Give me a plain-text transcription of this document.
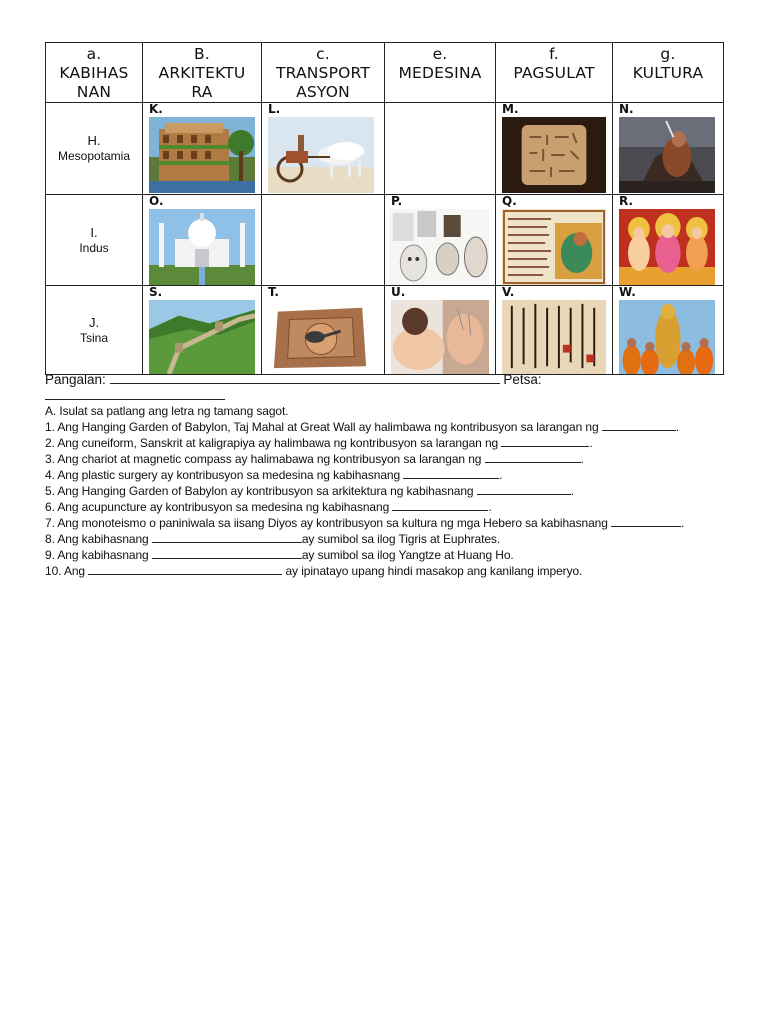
a.
KABIHAS
NAN	B.
ARKITEKTU
RA	c.
TRANSPORT
ASYON	e.
MEDESINA	f.
PAGSULAT	g.
KULTURA

H.
Mesopotamia	K.	L.		M.	N.

I.
Indus	O.		P.	Q.	R.

J.
Tsina	S.	T.	U.	V.	W.
Pangalan:	Petsa:
A. Isulat sa patlang ang letra ng tamang sagot.
1. Ang Hanging Garden of Babylon, Taj Mahal at Great Wall ay halimbawa ng kontribusyon sa larangan ng	.
2. Ang cuneiform, Sanskrit at kaligrapiya ay halimbawa ng kontribusyon sa larangan ng	.
3. Ang chariot at magnetic compass ay halimabawa ng kontribusyon sa larangan ng	.
4. Ang plastic surgery ay kontribusyon sa medesina ng kabihasnang	.
5. Ang Hanging Garden of Babylon ay kontribusyon sa arkitektura ng kabihasnang	.
6. Ang acupuncture ay kontribusyon sa medesina ng kabihasnang	.
7. Ang monoteismo o paniniwala sa iisang Diyos ay kontribusyon sa kultura ng mga Hebero sa kabihasnang	.
8. Ang kabihasnang	ay sumibol sa ilog Tigris at Euphrates.
9. Ang kabihasnang	ay sumibol sa ilog Yangtze at Huang Ho.
10. Ang	ay ipinatayo upang hindi masakop ang kanilang imperyo.
